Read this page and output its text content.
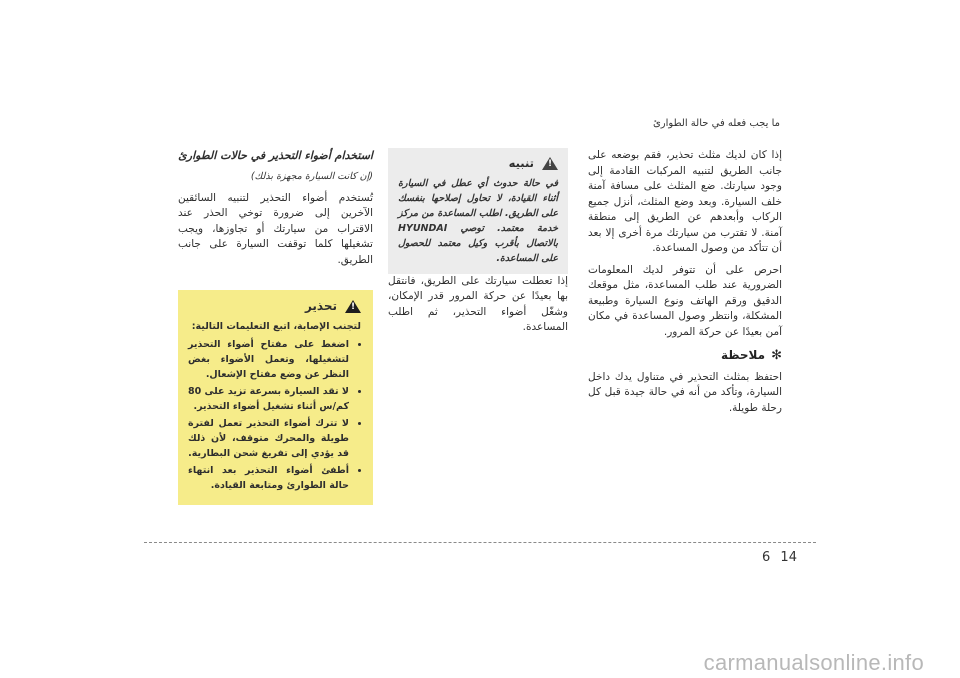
ما يجب فعله في حالة الطوارئ

إذا كان لديك مثلث تحذير، فقم بوضعه على جانب الطريق لتنبيه المركبات القادمة إلى وجود سيارتك. ضع المثلث على مسافة آمنة خلف السيارة. وبعد وضع المثلث، أنزل جميع الركاب وأبعدهم عن الطريق إلى منطقة آمنة. لا تقترب من سيارتك مرة أخرى إلا بعد أن تتأكد من وصول المساعدة.

احرص على أن تتوفر لديك المعلومات الضرورية عند طلب المساعدة، مثل موقعك الدقيق ورقم الهاتف ونوع السيارة وطبيعة المشكلة، وانتظر وصول المساعدة في مكان آمن بعيدًا عن حركة المرور.

✻
ملاحظة

احتفظ بمثلث التحذير في متناول يدك داخل السيارة، وتأكد من أنه في حالة جيدة قبل كل رحلة طويلة.

!
تنبيه

في حالة حدوث أي عطل في السيارة أثناء القيادة، لا تحاول إصلاحها بنفسك على الطريق. اطلب المساعدة من مركز خدمة معتمد. توصي HYUNDAI بالاتصال بأقرب وكيل معتمد للحصول على المساعدة.

إذا تعطلت سيارتك على الطريق، فانتقل بها بعيدًا عن حركة المرور قدر الإمكان، وشغّل أضواء التحذير، ثم اطلب المساعدة.

استخدام أضواء التحذير في حالات الطوارئ

(إن كانت السيارة مجهزة بذلك)

تُستخدم أضواء التحذير لتنبيه السائقين الآخرين إلى ضرورة توخي الحذر عند الاقتراب من سيارتك أو تجاوزها، ويجب تشغيلها كلما توقفت السيارة على جانب الطريق.

!
تحذير

لتجنب الإصابة، اتبع التعليمات التالية:

• اضغط على مفتاح أضواء التحذير لتشغيلها، وتعمل الأضواء بغض النظر عن وضع مفتاح الإشعال.
• لا تقد السيارة بسرعة تزيد على 80 كم/س أثناء تشغيل أضواء التحذير.
• لا تترك أضواء التحذير تعمل لفترة طويلة والمحرك متوقف، لأن ذلك قد يؤدي إلى تفريغ شحن البطارية.
• أطفئ أضواء التحذير بعد انتهاء حالة الطوارئ ومتابعة القيادة.
6 14
carmanualsonline.info
